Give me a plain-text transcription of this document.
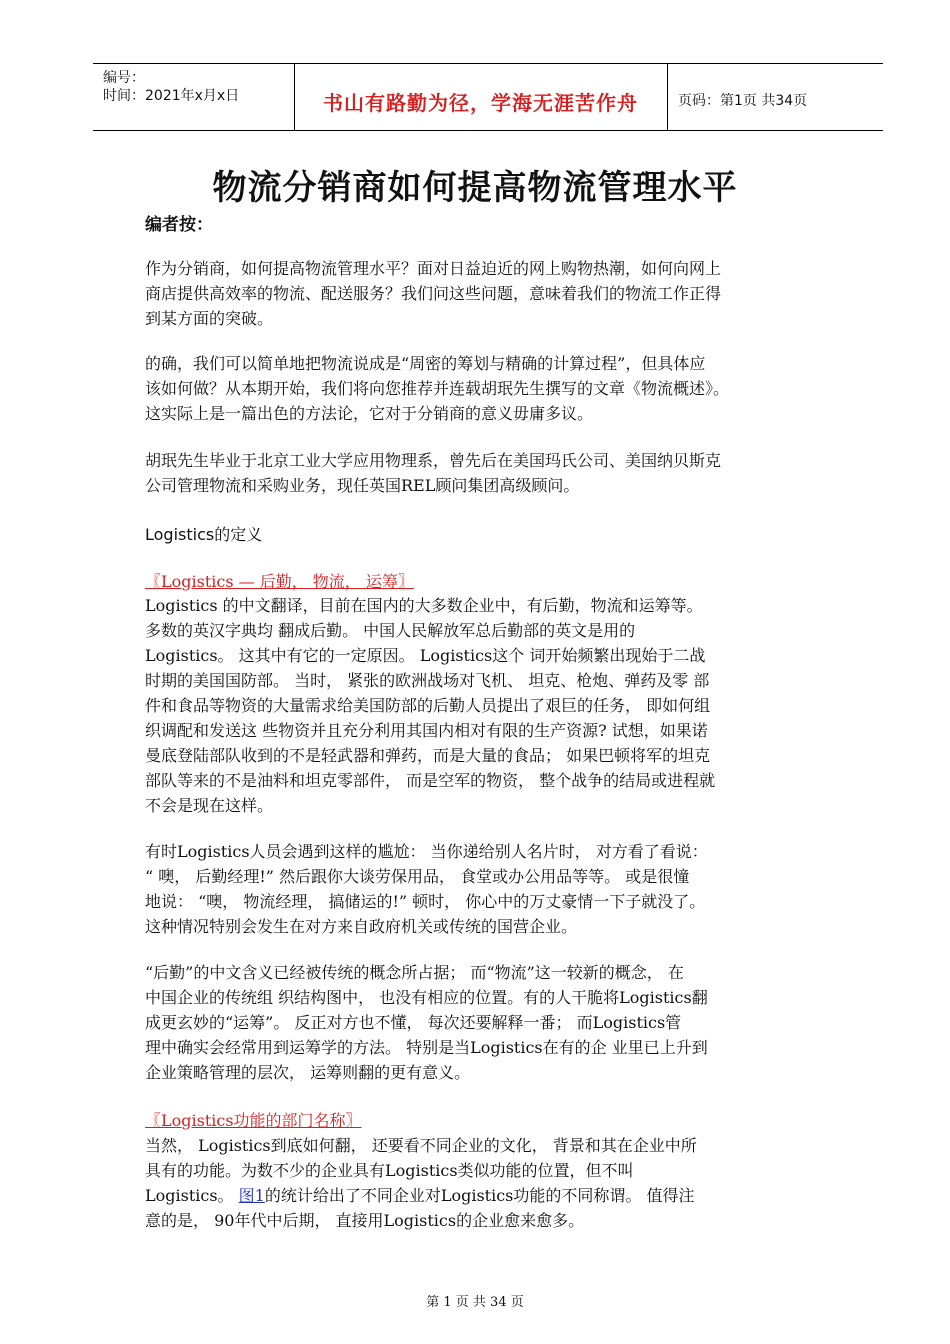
编号：
时间：2021年x月x日	书山有路勤为径，学海无涯苦作舟	页码：第1页 共34页
物流分销商如何提高物流管理水平
编者按：
作为分销商，如何提高物流管理水平？面对日益迫近的网上购物热潮，如何向网上
商店提供高效率的物流、配送服务？我们问这些问题，意味着我们的物流工作正得
到某方面的突破。
的确，我们可以简单地把物流说成是“周密的筹划与精确的计算过程”，但具体应
该如何做？从本期开始，我们将向您推荐并连载胡珉先生撰写的文章《物流概述》。
这实际上是一篇出色的方法论，它对于分销商的意义毋庸多议。
胡珉先生毕业于北京工业大学应用物理系，曾先后在美国玛氏公司、美国纳贝斯克
公司管理物流和采购业务，现任英国REL顾问集团高级顾问。
Logistics的定义
〖Logistics — 后勤， 物流， 运筹〗
Logistics 的中文翻译，目前在国内的大多数企业中，有后勤，物流和运筹等。
多数的英汉字典均 翻成后勤。 中国人民解放军总后勤部的英文是用的
Logistics。 这其中有它的一定原因。 Logistics这个 词开始频繁出现始于二战
时期的美国国防部。 当时， 紧张的欧洲战场对飞机、 坦克、枪炮、弹药及零 部
件和食品等物资的大量需求给美国防部的后勤人员提出了艰巨的任务， 即如何组
织调配和发送这 些物资并且充分利用其国内相对有限的生产资源? 试想，如果诺
曼底登陆部队收到的不是轻武器和弹药，而是大量的食品； 如果巴顿将军的坦克
部队等来的不是油料和坦克零部件， 而是空军的物资， 整个战争的结局或进程就
不会是现在这样。
有时Logistics人员会遇到这样的尴尬： 当你递给别人名片时， 对方看了看说：
“ 噢， 后勤经理!” 然后跟你大谈劳保用品， 食堂或办公用品等等。 或是很憧
地说： “噢， 物流经理， 搞储运的!” 顿时， 你心中的万丈豪情一下子就没了。
这种情况特别会发生在对方来自政府机关或传统的国营企业。
“后勤”的中文含义已经被传统的概念所占据； 而“物流”这一较新的概念， 在
中国企业的传统组 织结构图中， 也没有相应的位置。有的人干脆将Logistics翻
成更玄妙的“运筹”。 反正对方也不懂， 每次还要解释一番； 而Logistics管
理中确实会经常用到运筹学的方法。 特别是当Logistics在有的企 业里已上升到
企业策略管理的层次， 运筹则翻的更有意义。
〖Logistics功能的部门名称〗
当然， Logistics到底如何翻， 还要看不同企业的文化， 背景和其在企业中所
具有的功能。为数不少的企业具有Logistics类似功能的位置，但不叫
Logistics。 图1的统计给出了不同企业对Logistics功能的不同称谓。 值得注
意的是， 90年代中后期， 直接用Logistics的企业愈来愈多。
第 1 页 共 34 页
